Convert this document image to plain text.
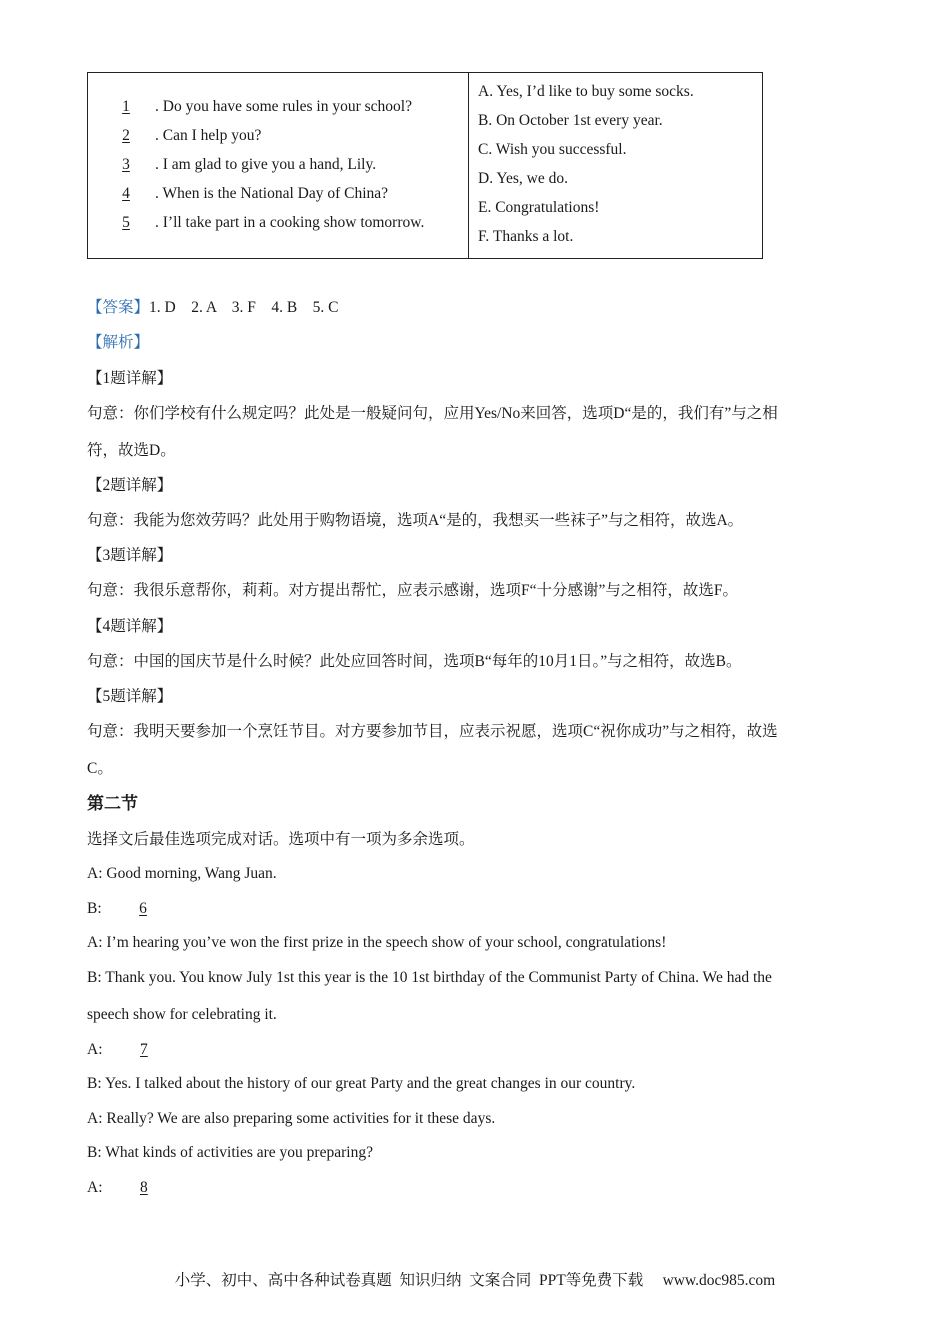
1 . Do you have some rules in your school?
2 . Can I help you?
3 . I am glad to give you a hand, Lily.
4 . When is the National Day of China?
5 . I’ll take part in a cooking show tomorrow.
A. Yes, I’d like to buy some socks.
B. On October 1st every year.
C. Wish you successful.
D. Yes, we do.
E. Congratulations!
F. Thanks a lot.
【答案】1. D    2. A    3. F    4. B    5. C
【解析】
【1题详解】
句意：你们学校有什么规定吗？此处是一般疑问句，应用Yes/No来回答，选项D“是的，我们有”与之相
符，故选D。
【2题详解】
句意：我能为您效劳吗？此处用于购物语境，选项A“是的，我想买一些袜子”与之相符，故选A。
【3题详解】
句意：我很乐意帮你，莉莉。对方提出帮忙，应表示感谢，选项F“十分感谢”与之相符，故选F。
【4题详解】
句意：中国的国庆节是什么时候？此处应回答时间，选项B“每年的10月1日。”与之相符，故选B。
【5题详解】
句意：我明天要参加一个烹饪节目。对方要参加节目，应表示祝愿，选项C“祝你成功”与之相符，故选
C。
第二节
选择文后最佳选项完成对话。选项中有一项为多余选项。
A: Good morning, Wang Juan.
B: 6
A: I’m hearing you’ve won the first prize in the speech show of your school, congratulations!
B: Thank you. You know July 1st this year is the 10 1st birthday of the Communist Party of China. We had the
speech show for celebrating it.
A: 7
B: Yes. I talked about the history of our great Party and the great changes in our country.
A: Really? We are also preparing some activities for it these days.
B: What kinds of activities are you preparing?
A: 8
小学、初中、高中各种试卷真题  知识归纳  文案合同  PPT等免费下载     www.doc985.com
